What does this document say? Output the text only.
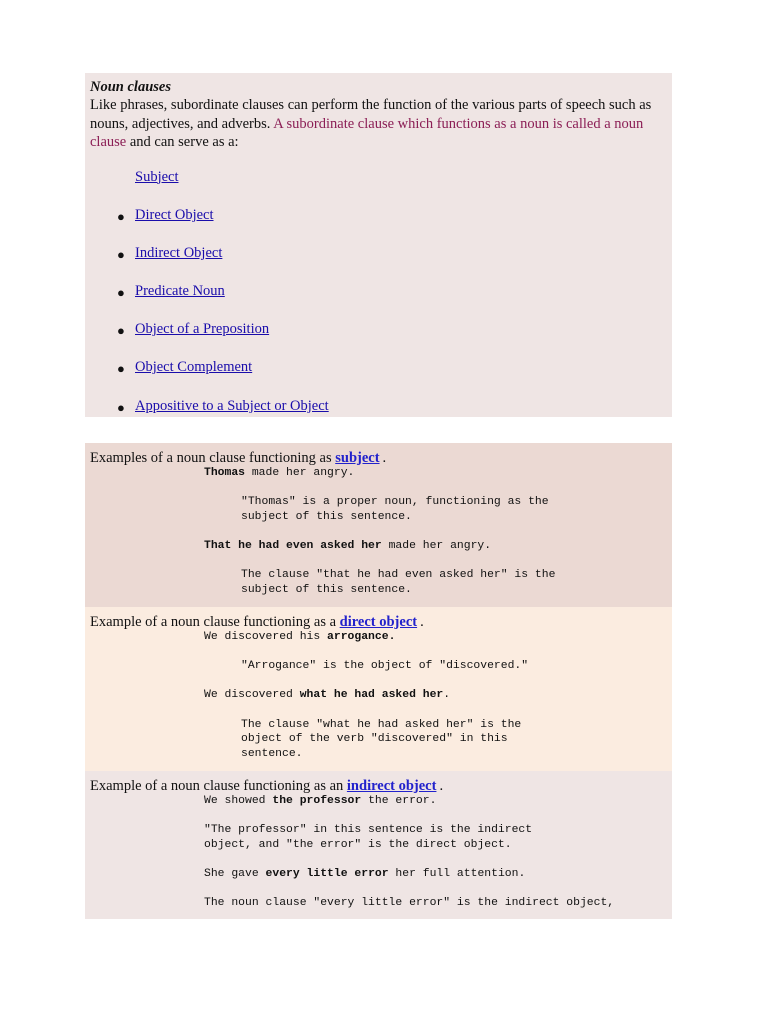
Noun clauses
Like phrases, subordinate clauses can perform the function of the various parts of speech such as nouns, adjectives, and adverbs. A subordinate clause which functions as a noun is called a noun clause and can serve as a:
Subject
● Direct Object
● Indirect Object
● Predicate Noun
● Object of a Preposition
● Object Complement
● Appositive to a Subject or Object
Examples of a noun clause functioning as subject .
Thomas made her angry.

"Thomas" is a proper noun, functioning as the
subject of this sentence.

That he had even asked her made her angry.

The clause "that he had even asked her" is the
subject of this sentence.
Example of a noun clause functioning as a direct object .
We discovered his arrogance.

"Arrogance" is the object of "discovered."

We discovered what he had asked her.

The clause "what he had asked her" is the
object of the verb "discovered" in this
sentence.
Example of a noun clause functioning as an indirect object .
We showed the professor the error.

"The professor" in this sentence is the indirect
object, and "the error" is the direct object.

She gave every little error her full attention.

The noun clause "every little error" is the indirect object,
